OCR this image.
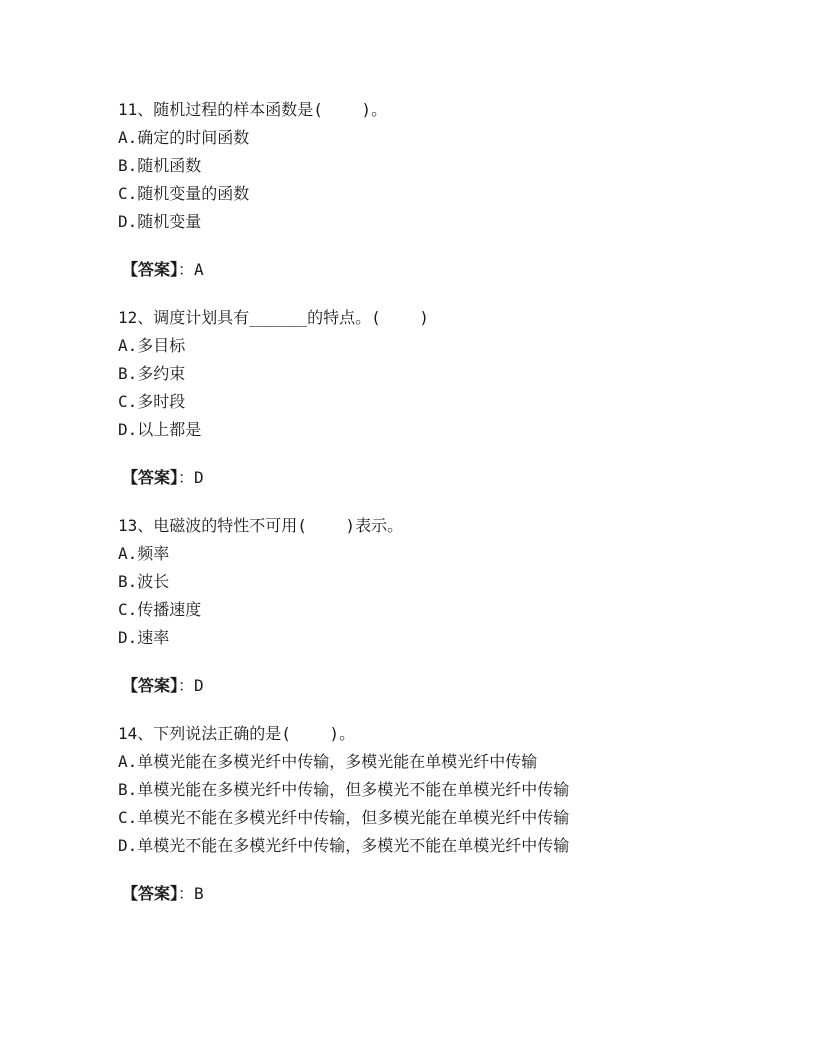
11、随机过程的样本函数是(    )。
A.确定的时间函数
B.随机函数
C.随机变量的函数
D.随机变量
【答案】：A
12、调度计划具有______的特点。(    )
A.多目标
B.多约束
C.多时段
D.以上都是
【答案】：D
13、电磁波的特性不可用(    )表示。
A.频率
B.波长
C.传播速度
D.速率
【答案】：D
14、下列说法正确的是(    )。
A.单模光能在多模光纤中传输，多模光能在单模光纤中传输
B.单模光能在多模光纤中传输，但多模光不能在单模光纤中传输
C.单模光不能在多模光纤中传输，但多模光能在单模光纤中传输
D.单模光不能在多模光纤中传输，多模光不能在单模光纤中传输
【答案】：B
